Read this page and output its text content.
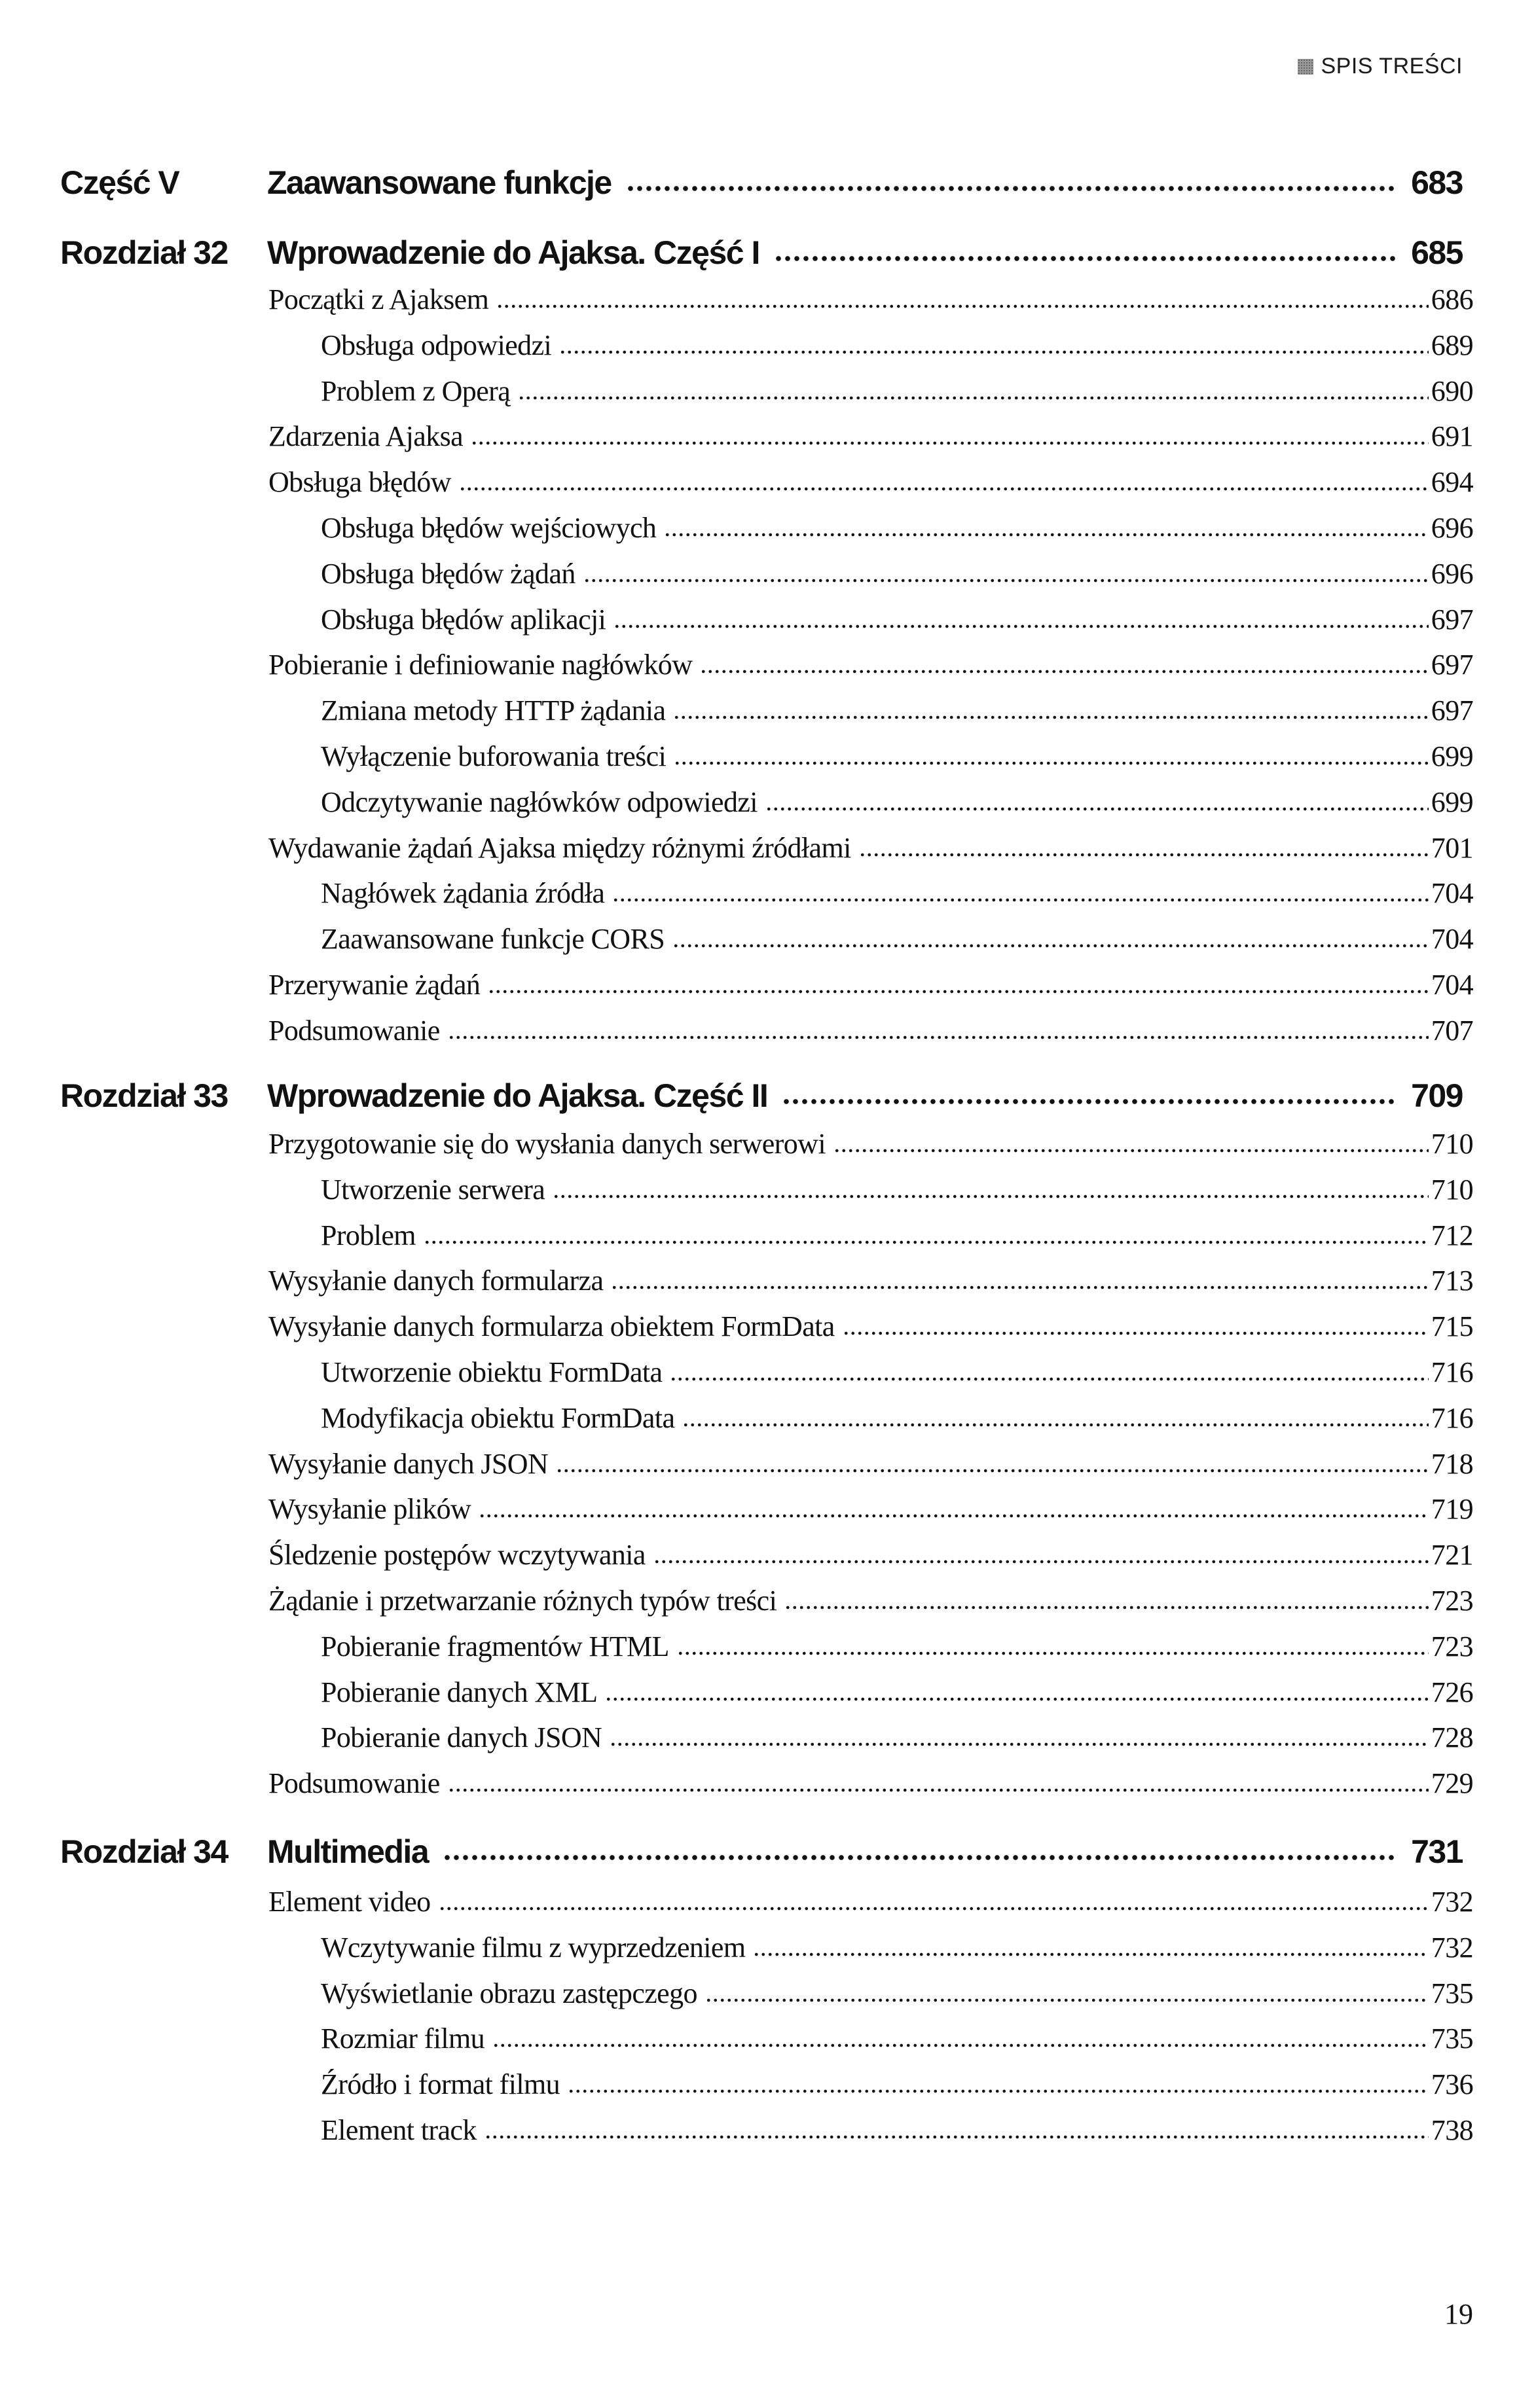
SPIS TREŚCI
Część V	Zaawansowane funkcje	683
Rozdział 32	Wprowadzenie do Ajaksa. Część I	685
Początki z Ajaksem	686
Obsługa odpowiedzi	689
Problem z Operą	690
Zdarzenia Ajaksa	691
Obsługa błędów	694
Obsługa błędów wejściowych	696
Obsługa błędów żądań	696
Obsługa błędów aplikacji	697
Pobieranie i definiowanie nagłówków	697
Zmiana metody HTTP żądania	697
Wyłączenie buforowania treści	699
Odczytywanie nagłówków odpowiedzi	699
Wydawanie żądań Ajaksa między różnymi źródłami	701
Nagłówek żądania źródła	704
Zaawansowane funkcje CORS	704
Przerywanie żądań	704
Podsumowanie	707
Rozdział 33	Wprowadzenie do Ajaksa. Część II	709
Przygotowanie się do wysłania danych serwerowi	710
Utworzenie serwera	710
Problem	712
Wysyłanie danych formularza	713
Wysyłanie danych formularza obiektem FormData	715
Utworzenie obiektu FormData	716
Modyfikacja obiektu FormData	716
Wysyłanie danych JSON	718
Wysyłanie plików	719
Śledzenie postępów wczytywania	721
Żądanie i przetwarzanie różnych typów treści	723
Pobieranie fragmentów HTML	723
Pobieranie danych XML	726
Pobieranie danych JSON	728
Podsumowanie	729
Rozdział 34	Multimedia	731
Element video	732
Wczytywanie filmu z wyprzedzeniem	732
Wyświetlanie obrazu zastępczego	735
Rozmiar filmu	735
Źródło i format filmu	736
Element track	738
19
